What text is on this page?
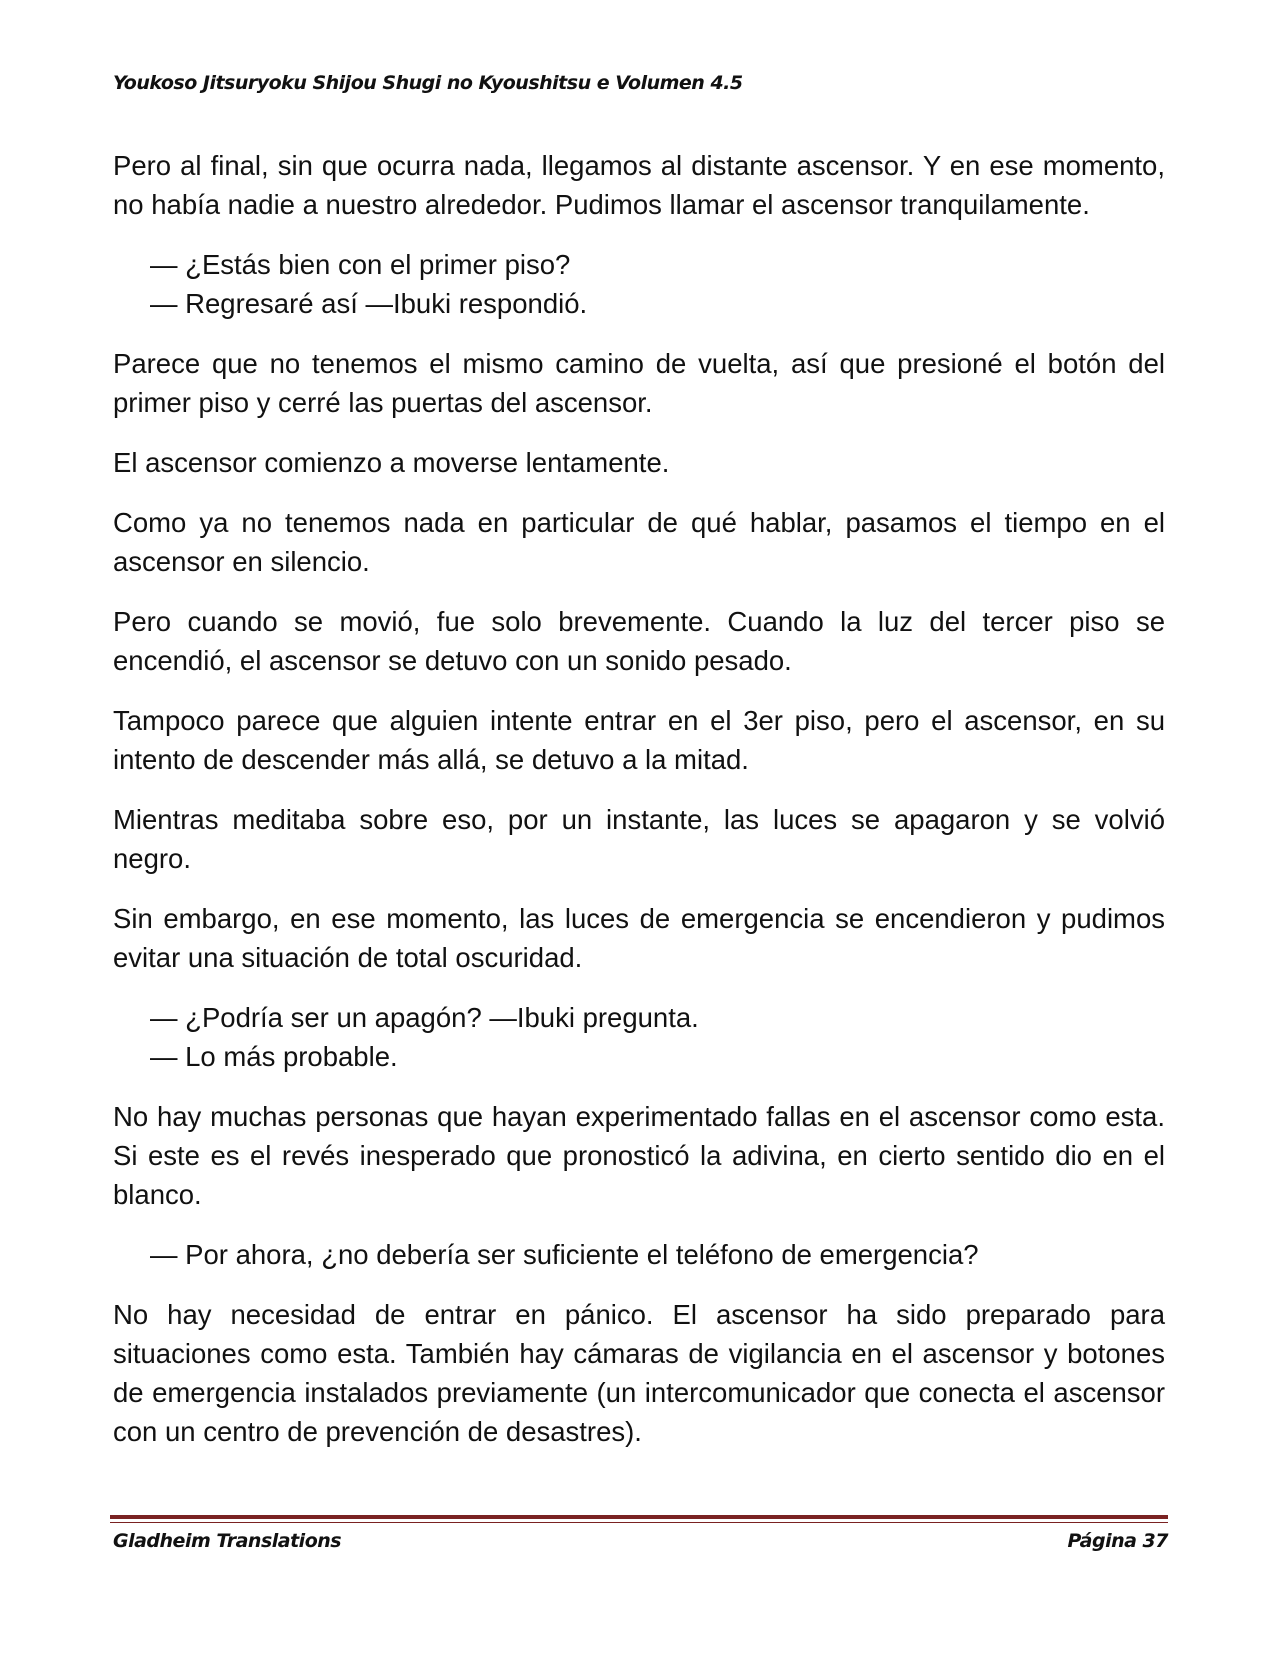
Youkoso Jitsuryoku Shijou Shugi no Kyoushitsu e Volumen 4.5

Pero al final, sin que ocurra nada, llegamos al distante ascensor. Y en ese momento, no había nadie a nuestro alrededor. Pudimos llamar el ascensor tranquilamente.

— ¿Estás bien con el primer piso?

— Regresaré así —Ibuki respondió.

Parece que no tenemos el mismo camino de vuelta, así que presioné el botón del primer piso y cerré las puertas del ascensor.

El ascensor comienzo a moverse lentamente.

Como ya no tenemos nada en particular de qué hablar, pasamos el tiempo en el ascensor en silencio.

Pero cuando se movió, fue solo brevemente. Cuando la luz del tercer piso se encendió, el ascensor se detuvo con un sonido pesado.

Tampoco parece que alguien intente entrar en el 3er piso, pero el ascensor, en su intento de descender más allá, se detuvo a la mitad.

Mientras meditaba sobre eso, por un instante, las luces se apagaron y se volvió negro.

Sin embargo, en ese momento, las luces de emergencia se encendieron y pudimos evitar una situación de total oscuridad.

— ¿Podría ser un apagón? —Ibuki pregunta.

— Lo más probable.

No hay muchas personas que hayan experimentado fallas en el ascensor como esta. Si este es el revés inesperado que pronosticó la adivina, en cierto sentido dio en el blanco.

— Por ahora, ¿no debería ser suficiente el teléfono de emergencia?

No hay necesidad de entrar en pánico. El ascensor ha sido preparado para situaciones como esta. También hay cámaras de vigilancia en el ascensor y botones de emergencia instalados previamente (un intercomunicador que conecta el ascensor con un centro de prevención de desastres).

Gladheim Translations	Página 37
